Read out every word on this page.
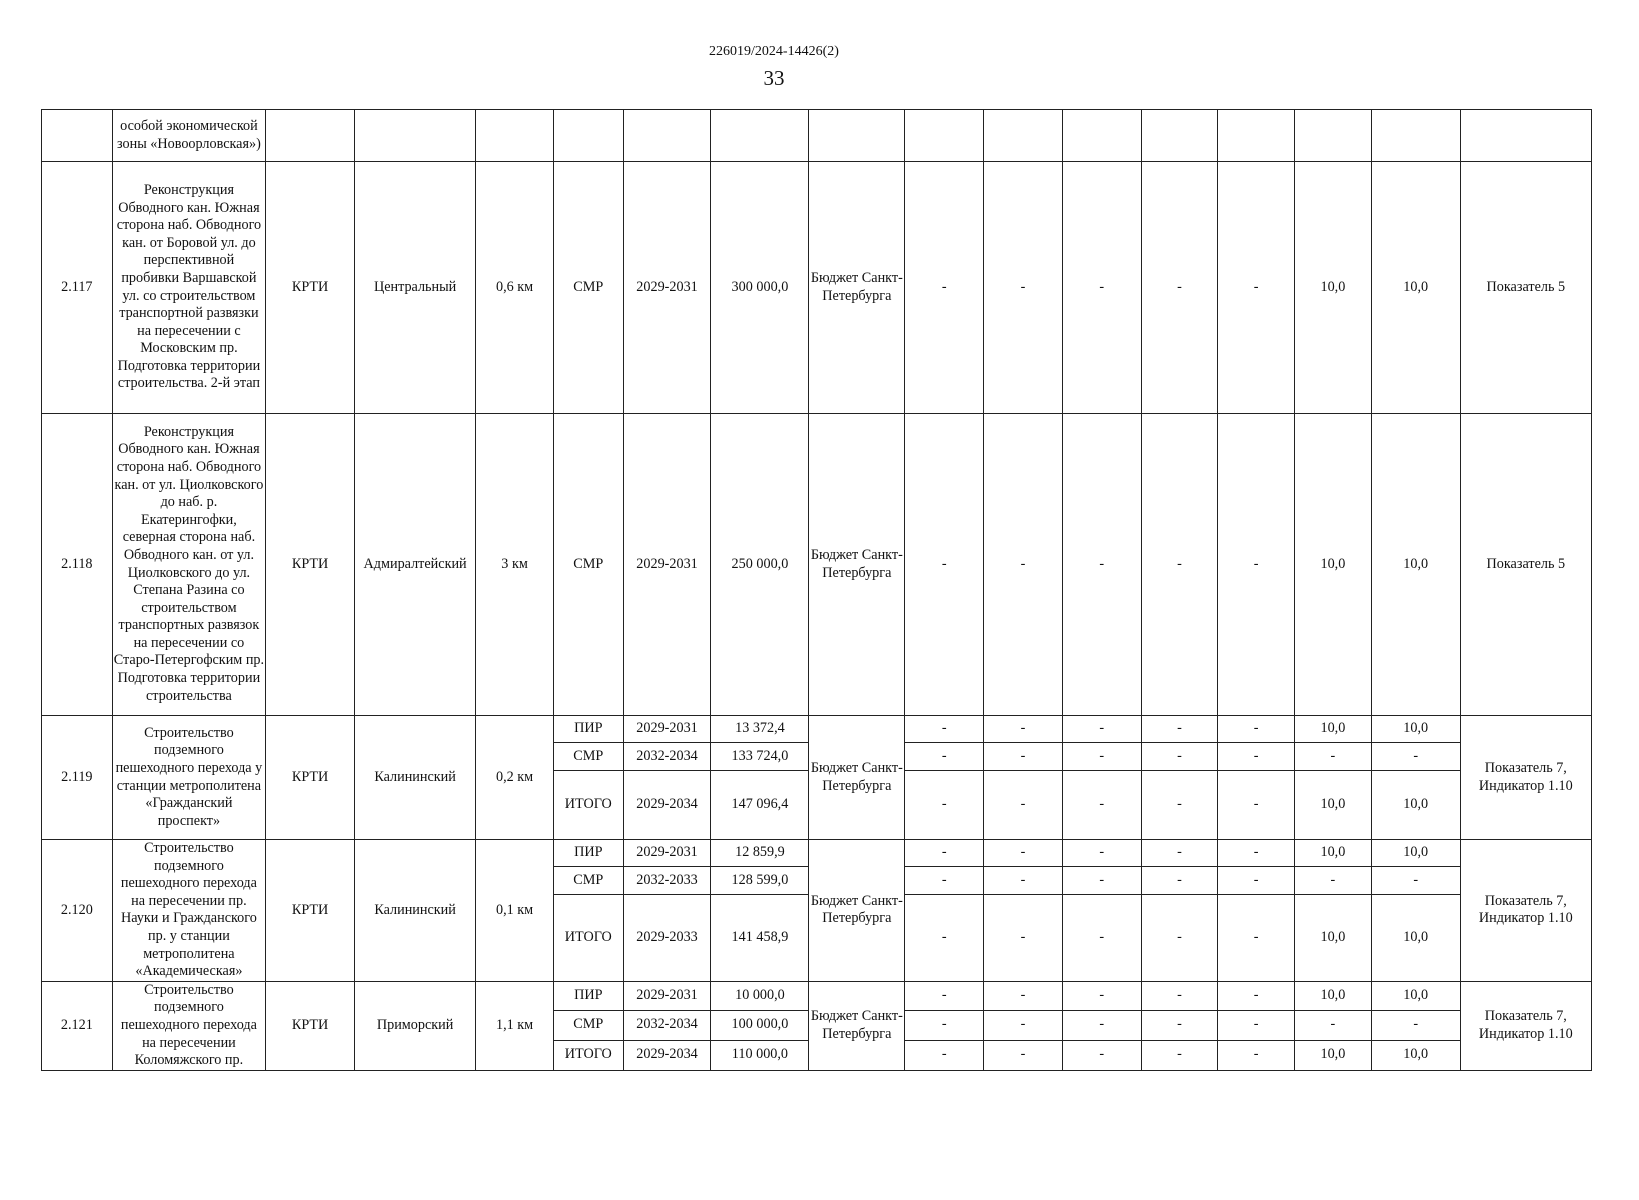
226019/2024-14426(2)
33
	особой экономической зоны «Новоорловская»)															
2.117	Реконструкция Обводного кан. Южная сторона наб. Обводного кан. от Боровой ул. до перспективной пробивки Варшавской ул. со строительством транспортной развязки на пересечении с Московским пр. Подготовка территории строительства. 2-й этап	КРТИ	Центральный	0,6 км	СМР	2029-2031	300 000,0	Бюджет Санкт-Петербурга	-	-	-	-	-	10,0	10,0	Показатель 5
2.118	Реконструкция Обводного кан. Южная сторона наб. Обводного кан. от ул. Циолковского до наб. р. Екатерингофки, северная сторона наб. Обводного кан. от ул. Циолковского до ул. Степана Разина со строительством транспортных развязок на пересечении со Старо-Петергофским пр. Подготовка территории строительства	КРТИ	Адмиралтейский	3 км	СМР	2029-2031	250 000,0	Бюджет Санкт-Петербурга	-	-	-	-	-	10,0	10,0	Показатель 5
2.119	Строительство подземного пешеходного перехода у станции метрополитена «Гражданский проспект»	КРТИ	Калининский	0,2 км	ПИР	2029-2031	13 372,4	Бюджет Санкт-Петербурга	-	-	-	-	-	10,0	10,0	Показатель 7, Индикатор 1.10
					СМР	2032-2034	133 724,0		-	-	-	-	-	-	-	
					ИТОГО	2029-2034	147 096,4		-	-	-	-	-	10,0	10,0	
2.120	Строительство подземного пешеходного перехода на пересечении пр. Науки и Гражданского пр. у станции метрополитена «Академическая»	КРТИ	Калининский	0,1 км	ПИР	2029-2031	12 859,9	Бюджет Санкт-Петербурга	-	-	-	-	-	10,0	10,0	Показатель 7, Индикатор 1.10
					СМР	2032-2033	128 599,0		-	-	-	-	-	-	-	
					ИТОГО	2029-2033	141 458,9		-	-	-	-	-	10,0	10,0	
2.121	Строительство подземного пешеходного перехода на пересечении Коломяжского пр.	КРТИ	Приморский	1,1 км	ПИР	2029-2031	10 000,0	Бюджет Санкт-Петербурга	-	-	-	-	-	10,0	10,0	Показатель 7, Индикатор 1.10
					СМР	2032-2034	100 000,0		-	-	-	-	-	-	-	
					ИТОГО	2029-2034	110 000,0		-	-	-	-	-	10,0	10,0	
